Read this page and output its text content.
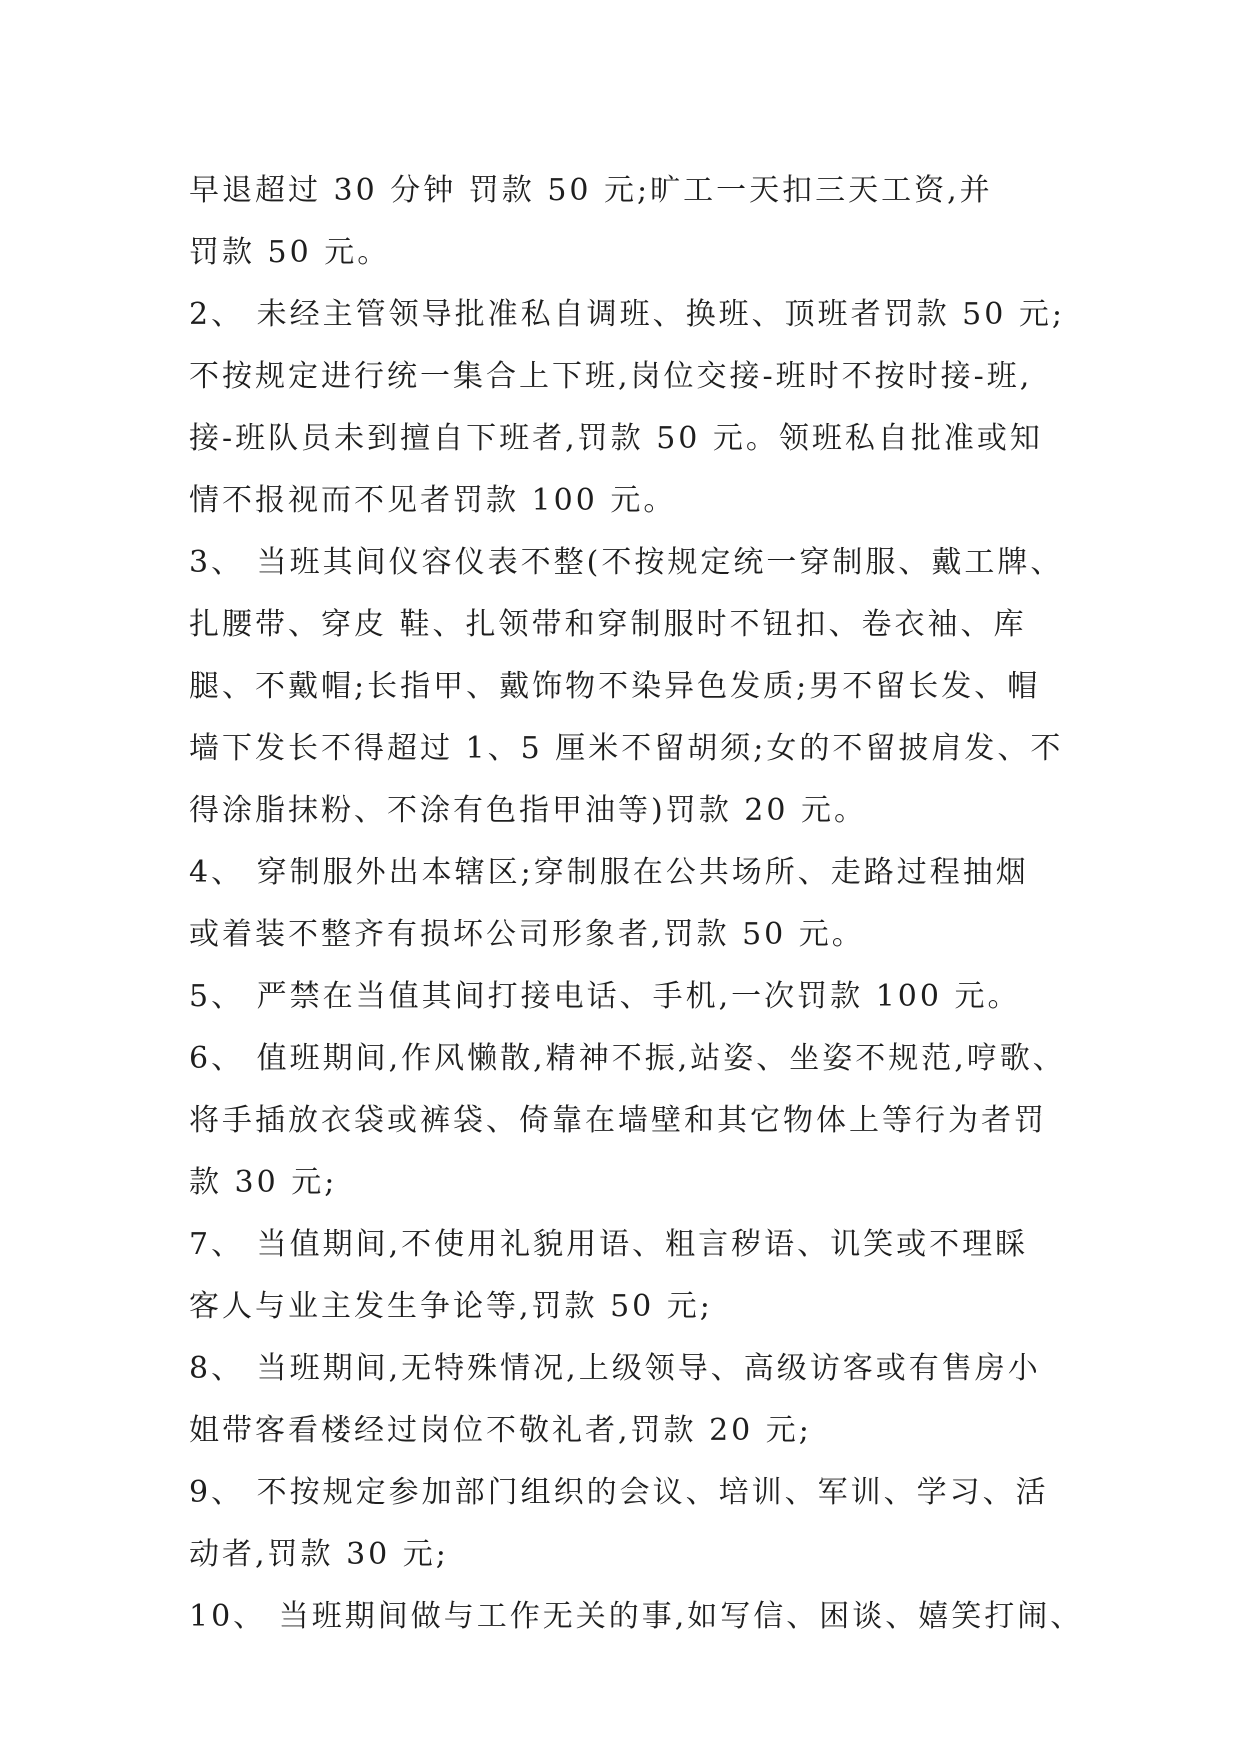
早退超过 30 分钟 罚款 50 元;旷工一天扣三天工资,并
罚款 50 元。
2、 未经主管领导批准私自调班、换班、顶班者罚款 50 元;
不按规定进行统一集合上下班,岗位交接-班时不按时接-班,
接-班队员未到擅自下班者,罚款 50 元。领班私自批准或知
情不报视而不见者罚款 100 元。
3、 当班其间仪容仪表不整(不按规定统一穿制服、戴工牌、
扎腰带、穿皮 鞋、扎领带和穿制服时不钮扣、卷衣袖、库
腿、不戴帽;长指甲、戴饰物不染异色发质;男不留长发、帽
墙下发长不得超过 1、5 厘米不留胡须;女的不留披肩发、不
得涂脂抹粉、不涂有色指甲油等)罚款 20 元。
4、 穿制服外出本辖区;穿制服在公共场所、走路过程抽烟
或着装不整齐有损坏公司形象者,罚款 50 元。
5、 严禁在当值其间打接电话、手机,一次罚款 100 元。
6、 值班期间,作风懒散,精神不振,站姿、坐姿不规范,哼歌、
将手插放衣袋或裤袋、倚靠在墙壁和其它物体上等行为者罚
款 30 元;
7、 当值期间,不使用礼貌用语、粗言秽语、讥笑或不理睬
客人与业主发生争论等,罚款 50 元;
8、 当班期间,无特殊情况,上级领导、高级访客或有售房小
姐带客看楼经过岗位不敬礼者,罚款 20 元;
9、 不按规定参加部门组织的会议、培训、军训、学习、活
动者,罚款 30 元;
10、 当班期间做与工作无关的事,如写信、困谈、嬉笑打闹、
